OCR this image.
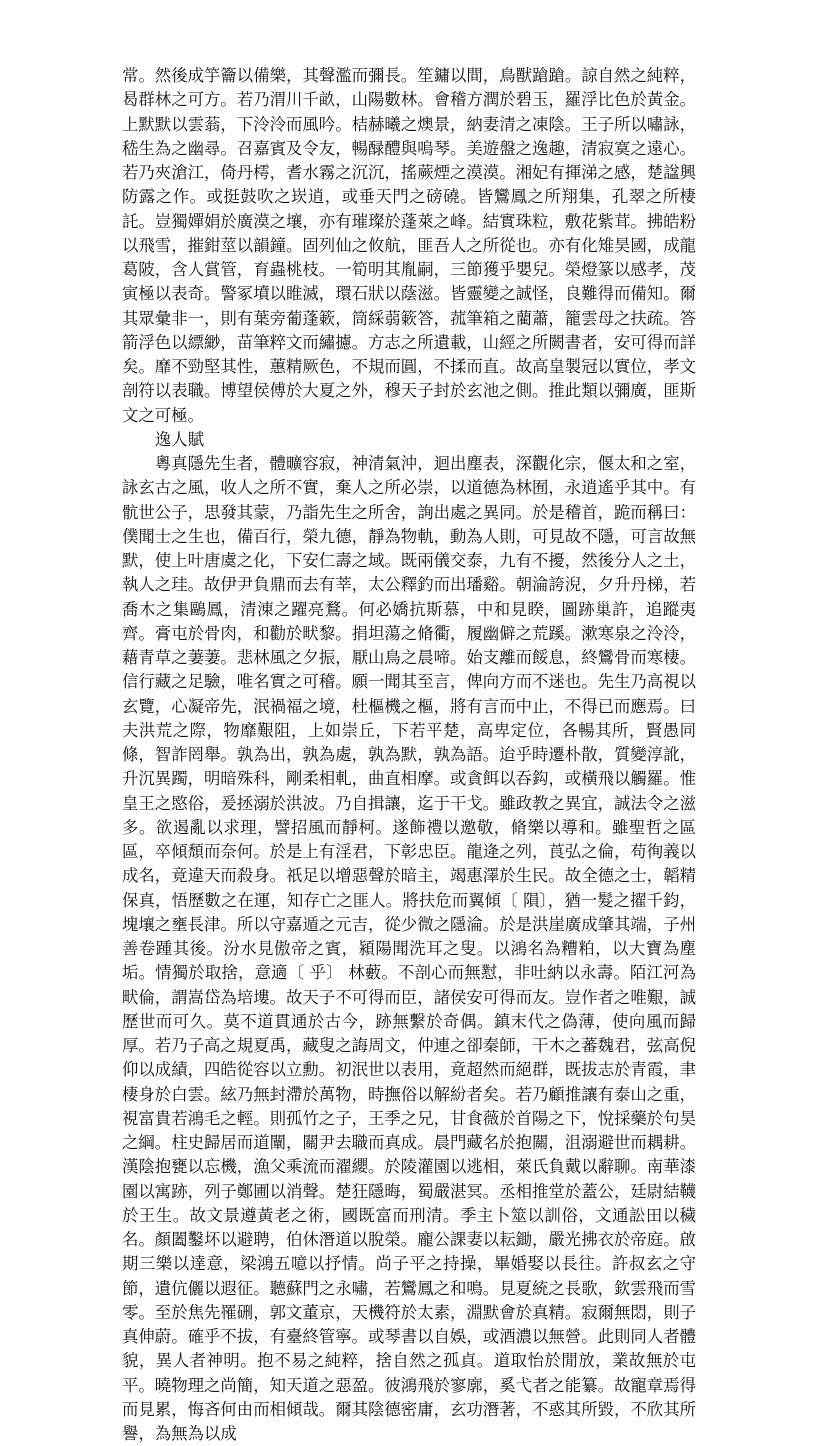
常。然後成竽籥以備樂，其聲濫而彌長。笙鏞以間，鳥獸蹌蹌。諒自然之純粹，曷群林之可方。若乃渭川千畝，山陽數林。會稽方潤於碧玉，羅浮比色於黃金。上默默以雲蓊，下泠泠而風吟。桔赫曦之燠景，納妻清之凍陰。王子所以嘯詠，嵇生為之幽尋。召嘉賓及令友，暢醁醴與嗚琴。美遊盤之逸趣，清寂寞之遠心。若乃夾滄江，倚丹樗，耆水霧之沉沉，搖蕨煙之漠漠。湘妃有揮涕之感，楚諡興防露之作。或挺鼓吹之崁逍，或垂天門之磅磽。皆鸞鳳之所翔集，孔翠之所棲託。豈獨嬋娟於廣漠之壤，亦有璀璨於蓬萊之峰。結實珠粒，敷花紫茸。拂皓粉以飛雪，摧鉗莖以韻鐘。固列仙之攸航，匪吾人之所從也。亦有化雉昊國，成龍葛陂，含人賞管，育蟲桃枝。一筍明其胤嗣，三節獲乎嬰兒。榮燈篆以感孝，茂寅極以表奇。警冢墳以睢滅，環石狀以蔭滋。皆靈變之誠怪，良難得而備知。爾其眾彙非一，則有葉旁葡蓬簌，筒綵蒻簌答，菰筆箱之藺蕭，籠雲母之扶疏。答箭浮色以縹緲，苗筆粹文而繡攄。方志之所遺載，山經之所闕書者，安可得而詳矣。靡不勁堅其性，蕙精厥色，不規而圓，不揉而直。故高皇製冠以實位，孝文剖符以表職。博望侯傅於大夏之外，穆天子封於玄池之側。推此類以彌廣，匪斯文之可極。

逸人賦

粵真隱先生者，體曠容寂，神清氣沖，迴出塵表，深觀化宗，偃太和之室，詠玄古之風，收人之所不實，棄人之所必崇，以道德為林囿，永逍遙乎其中。有骯世公子，思發其蒙，乃詣先生之所舍，詢出處之異同。於是稽首，跪而稱曰：僕聞士之生也，備百行，榮九德，靜為物軌，動為人則，可見故不隱，可言故無默，使上叶唐虞之化，下安仁壽之域。既兩儀交泰，九有不擾，然後分人之土，執人之珪。故伊尹負鼎而去有莘，太公釋釣而出璠谿。朝淪誇淣，夕升丹梯，若喬木之集鷗鳳，清涷之躍亮鶩。何必嬌抗斯慕，中和見睽，圖跡巢許，追蹤夷齊。膏屯於骨肉，和勸於畎黎。捐坦蕩之脩衢，履幽僻之荒蹊。漱寒泉之泠泠，藉青草之萋萋。悲林風之夕振，厭山鳥之晨啼。始支離而餒息，終鸞骨而寒棲。信行藏之足驗，唯名實之可稽。願一聞其至言，俾向方而不迷也。先生乃高視以玄覽，心凝帝先，泯禍福之境，杜樞機之樞，將有言而中止，不得已而應焉。曰夫洪荒之際，物靡艱阻，上如崇丘，下若平楚，高卑定位，各暢其所，賢愚同條，智詐罔舉。孰為出，孰為處，孰為默，孰為語。迨乎時遷朴散，質變淳訛，升沉異躅，明暗殊科，剛柔相軋，曲直相摩。或貪餌以吞鈎，或橫飛以觸羅。惟皇王之愍俗，爰拯溺於洪波。乃自揖讓，迄于干戈。雖政教之異宜，誠法令之滋多。欲遏亂以求理，譬招風而靜柯。遂飾禮以邀敬，脩樂以導和。雖聖哲之區區，卒傾頹而奈何。於是上有淫君，下彰忠臣。龍逄之列，莨弘之倫，苟徇義以成名，竟違天而殺身。祇足以增惡聲於暗主，竭惠澤於生民。故全德之士，韜精保真，悟歷數之在運，知存亡之匪人。將扶危而翼傾〔 隕〕，猶一髮之擢千鈞，塊壤之壅長津。所以守嘉遁之元吉，從少微之隱淪。於是洪崖廣成肇其端，子州善卷踵其後。汾水見傲帝之賓，潁陽聞洗耳之叟。以鴻名為糟粕，以大寶為塵垢。情獨於取捨，意適〔 乎〕 林藪。不剖心而無懟，非吐納以永壽。陌江河為畎倫，謂嵩岱為培塿。故天子不可得而臣，諸侯安可得而友。豈作者之唯艱，誠歷世而可久。莫不道貫通於古今，跡無繫於奇偶。鎮末代之偽薄，使向風而歸厚。若乃子高之規夏禹，藏叟之誨周文，仲連之卻秦師，干木之蕃魏君，弦高倪仰以成績，四皓從容以立勳。初泯世以表用，竟超然而絕群，既拔志於青霞，聿棲身於白雲。絃乃無封滯於萬物，時撫俗以解紛者矣。若乃顧推讓有泰山之重，視富貴若鴻毛之輕。則孤竹之子，王季之兄，甘食薇於首陽之下，悅採藥於句昊之綱。柱史歸居而道闡，關尹去職而真成。晨門藏名於抱關，沮溺避世而耦耕。漢陰抱甕以忘機，漁父乘流而濯纓。於陵灌園以逃相，萊氏負戴以辭聊。南華漆園以寓跡，列子鄭圃以消聲。楚狂隱晦，蜀嚴湛冥。丞相推堂於蓋公，廷尉結韈於王生。故文景遵黃老之術，國既富而刑清。季主卜筮以訓俗，文通訟田以穢名。顏闔鑿坏以避聘，伯休潛道以脫榮。龐公課妻以耘鋤，嚴光拂衣於帝庭。啟期三樂以達意，梁鴻五噫以抒情。尚子平之持操，畢婚娶以長往。許叔玄之守節，遺伉儷以遐征。聽蘇門之永嘯，若鸞鳳之和鳴。見夏統之長歌，欽雲飛而雪零。至於焦先罹硎，郭文董京，天機符於太素，淵默會於真精。寂爾無悶，則子真伸蔚。確乎不拔，有臺終管寧。或琴書以自娛，或酒濃以無營。此則同人者體貌，異人者神明。抱不易之純粹，捨自然之孤貞。道取怡於閒放，業故無於屯平。曉物理之尚簡，知天道之惡盈。彼鴻飛於寥廓，奚弋者之能纂。故寵章焉得而見累，悔吝何由而相傾哉。爾其陰德密庸，玄功潛著，不惑其所毀，不欣其所譽，為無為以成
